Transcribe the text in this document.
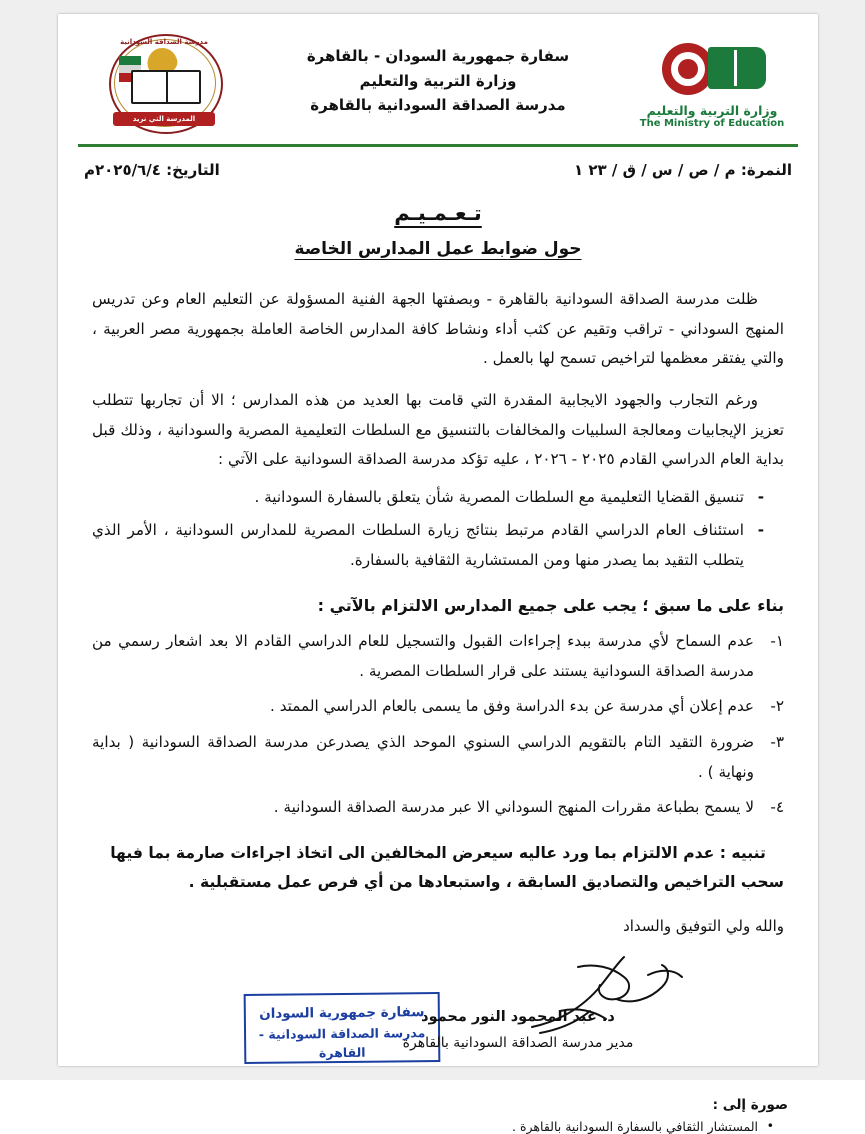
وزارة التربية والتعليم
The Ministry of Education
سفارة جمهورية السودان - بالقاهرة
وزارة التربية والتعليم
مدرسة الصداقة السودانية بالقاهرة
مدرسة الصداقة السودانية
المدرسة التي نريد
التاريخ: ٢٠٢٥/٦/٤م	النمرة: م / ص / س / ق / ٢٣ ١
تـعـمـيـم
حول ضوابط عمل المدارس الخاصة

ظلت مدرسة الصداقة السودانية بالقاهرة - وبصفتها الجهة الفنية المسؤولة عن التعليم العام وعن تدريس المنهج السوداني - تراقب وتقيم عن كثب أداء ونشاط كافة المدارس الخاصة العاملة بجمهورية مصر العربية ، والتي يفتقر معظمها لتراخيص تسمح لها بالعمل .

ورغم التجارب والجهود الايجابية المقدرة التي قامت بها العديد من هذه المدارس ؛ الا أن تجاربها تتطلب تعزيز الإيجابيات ومعالجة السلبيات والمخالفات بالتنسيق مع السلطات التعليمية المصرية والسودانية ، وذلك قبل بداية العام الدراسي القادم ٢٠٢٥ - ٢٠٢٦ ، عليه تؤكد مدرسة الصداقة السودانية على الآتي :

- تنسيق القضايا التعليمية مع السلطات المصرية شأن يتعلق بالسفارة السودانية .
- استئناف العام الدراسي القادم مرتبط بنتائج زيارة السلطات المصرية للمدارس السودانية ، الأمر الذي يتطلب التقيد بما يصدر منها ومن المستشارية الثقافية بالسفارة.
بناء على ما سبق ؛ يجب على جميع المدارس الالتزام بالآتي :
١-
عدم السماح لأي مدرسة ببدء إجراءات القبول والتسجيل للعام الدراسي القادم الا بعد اشعار رسمي من مدرسة الصداقة السودانية يستند على قرار السلطات المصرية .
٢-
عدم إعلان أي مدرسة عن بدء الدراسة وفق ما يسمى بالعام الدراسي الممتد .
٣-
ضرورة التقيد التام بالتقويم الدراسي السنوي الموحد الذي يصدرعن مدرسة الصداقة السودانية ( بداية ونهاية ) .
٤-
لا يسمح بطباعة مقررات المنهج السوداني الا عبر مدرسة الصداقة السودانية .
تنبيه : عدم الالتزام بما ورد عاليه سيعرض المخالفين الى اتخاذ اجراءات صارمة بما فيها سحب التراخيص والتصاديق السابقة ، واستبعادها من أي فرص عمل مستقبلية .
والله ولي التوفيق والسداد
سفارة جمهورية السودان
مدرسة الصداقة السودانية - القاهرة
د. عبد المحمود النور محمود
مدير مدرسة الصداقة السودانية بالقاهرة
صورة إلى :
• المستشار الثقافي بالسفارة السودانية بالقاهرة .
